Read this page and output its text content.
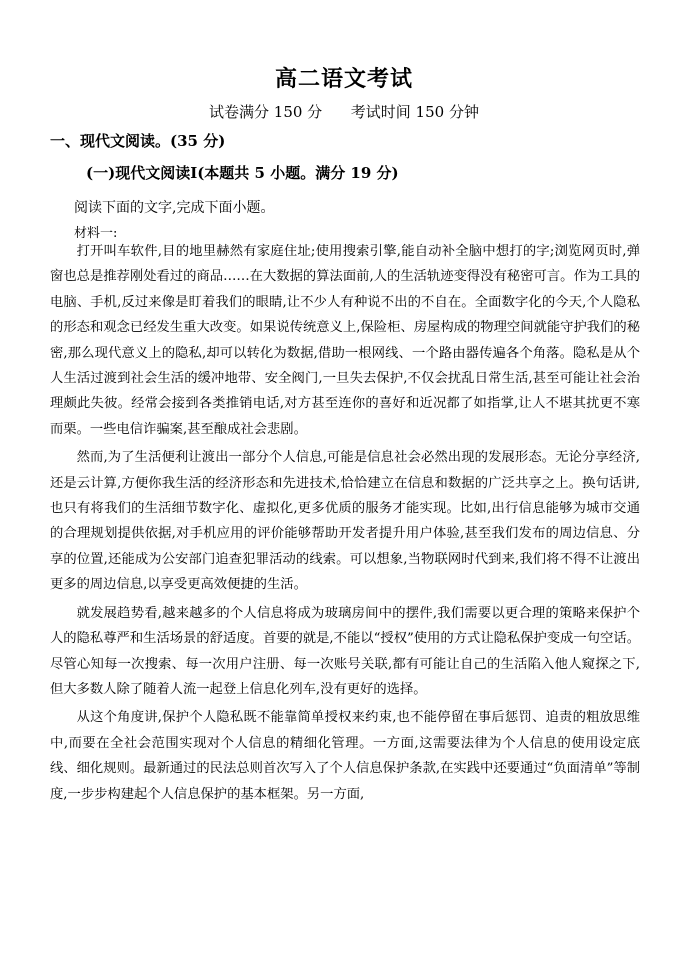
高二语文考试
试卷满分 150 分      考试时间 150 分钟
一、现代文阅读。(35 分)
(一)现代文阅读Ⅰ(本题共 5 小题。满分 19 分)
阅读下面的文字,完成下面小题。
材料一:

打开叫车软件,目的地里赫然有家庭住址;使用搜索引擎,能自动补全脑中想打的字;浏览网页时,弹窗也总是推荐刚处看过的商品……在大数据的算法面前,人的生活轨迹变得没有秘密可言。作为工具的电脑、手机,反过来像是盯着我们的眼睛,让不少人有种说不出的不自在。全面数字化的今天,个人隐私的形态和观念已经发生重大改变。如果说传统意义上,保险柜、房屋构成的物理空间就能守护我们的秘密,那么现代意义上的隐私,却可以转化为数据,借助一根网线、一个路由器传遍各个角落。隐私是从个人生活过渡到社会生活的缓冲地带、安全阀门,一旦失去保护,不仅会扰乱日常生活,甚至可能让社会治理颇此失彼。经常会接到各类推销电话,对方甚至连你的喜好和近况都了如指掌,让人不堪其扰更不寒而栗。一些电信诈骗案,甚至酿成社会悲剧。

然而,为了生活便利让渡出一部分个人信息,可能是信息社会必然出现的发展形态。无论分享经济,还是云计算,方便你我生活的经济形态和先进技术,恰恰建立在信息和数据的广泛共享之上。换句话讲,也只有将我们的生活细节数字化、虚拟化,更多优质的服务才能实现。比如,出行信息能够为城市交通的合理规划提供依据,对手机应用的评价能够帮助开发者提升用户体验,甚至我们发布的周边信息、分享的位置,还能成为公安部门追查犯罪活动的线索。可以想象,当物联网时代到来,我们将不得不让渡出更多的周边信息,以享受更高效便捷的生活。

就发展趋势看,越来越多的个人信息将成为玻璃房间中的摆件,我们需要以更合理的策略来保护个人的隐私尊严和生活场景的舒适度。首要的就是,不能以“授权”使用的方式让隐私保护变成一句空话。尽管心知每一次搜索、每一次用户注册、每一次账号关联,都有可能让自己的生活陷入他人窥探之下,但大多数人除了随着人流一起登上信息化列车,没有更好的选择。

从这个角度讲,保护个人隐私既不能靠简单授权来约束,也不能停留在事后惩罚、追责的粗放思维中,而要在全社会范围实现对个人信息的精细化管理。一方面,这需要法律为个人信息的使用设定底线、细化规则。最新通过的民法总则首次写入了个人信息保护条款,在实践中还要通过“负面清单”等制度,一步步构建起个人信息保护的基本框架。另一方面,
